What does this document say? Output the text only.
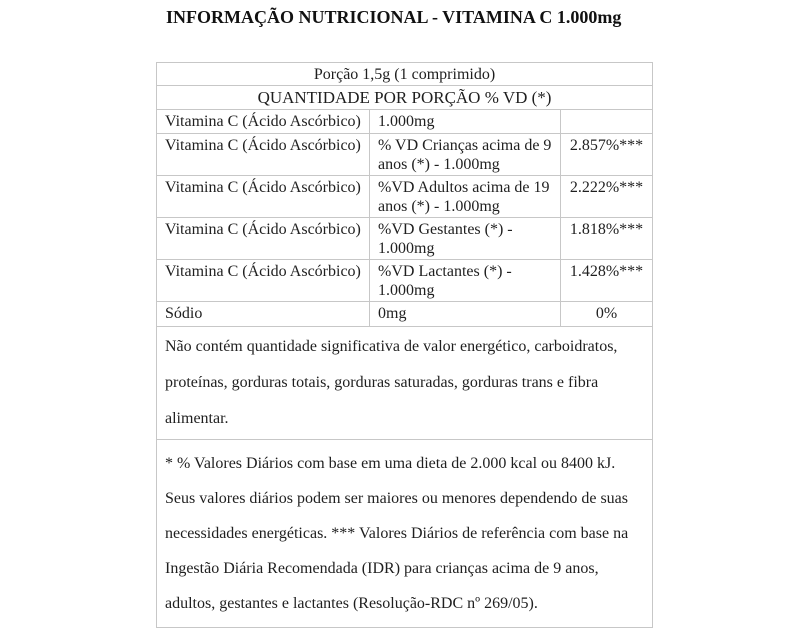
INFORMAÇÃO NUTRICIONAL - VITAMINA C 1.000mg
Porção 1,5g (1 comprimido)		
QUANTIDADE POR PORÇÃO % VD (*)		
Vitamina C (Ácido Ascórbico)	1.000mg	
Vitamina C (Ácido Ascórbico)	% VD Crianças acima de 9 anos (*) - 1.000mg	2.857%***
Vitamina C (Ácido Ascórbico)	%VD Adultos acima de 19 anos (*) - 1.000mg	2.222%***
Vitamina C (Ácido Ascórbico)	%VD Gestantes (*) - 1.000mg	1.818%***
Vitamina C (Ácido Ascórbico)	%VD Lactantes (*) - 1.000mg	1.428%***
Sódio	0mg	0%
Não contém quantidade significativa de valor energético, carboidratos, proteínas, gorduras totais, gorduras saturadas, gorduras trans e fibra alimentar.		
* % Valores Diários com base em uma dieta de 2.000 kcal ou 8400 kJ. Seus valores diários podem ser maiores ou menores dependendo de suas necessidades energéticas. *** Valores Diários de referência com base na Ingestão Diária Recomendada (IDR) para crianças acima de 9 anos, adultos, gestantes e lactantes (Resolução-RDC nº 269/05).		
